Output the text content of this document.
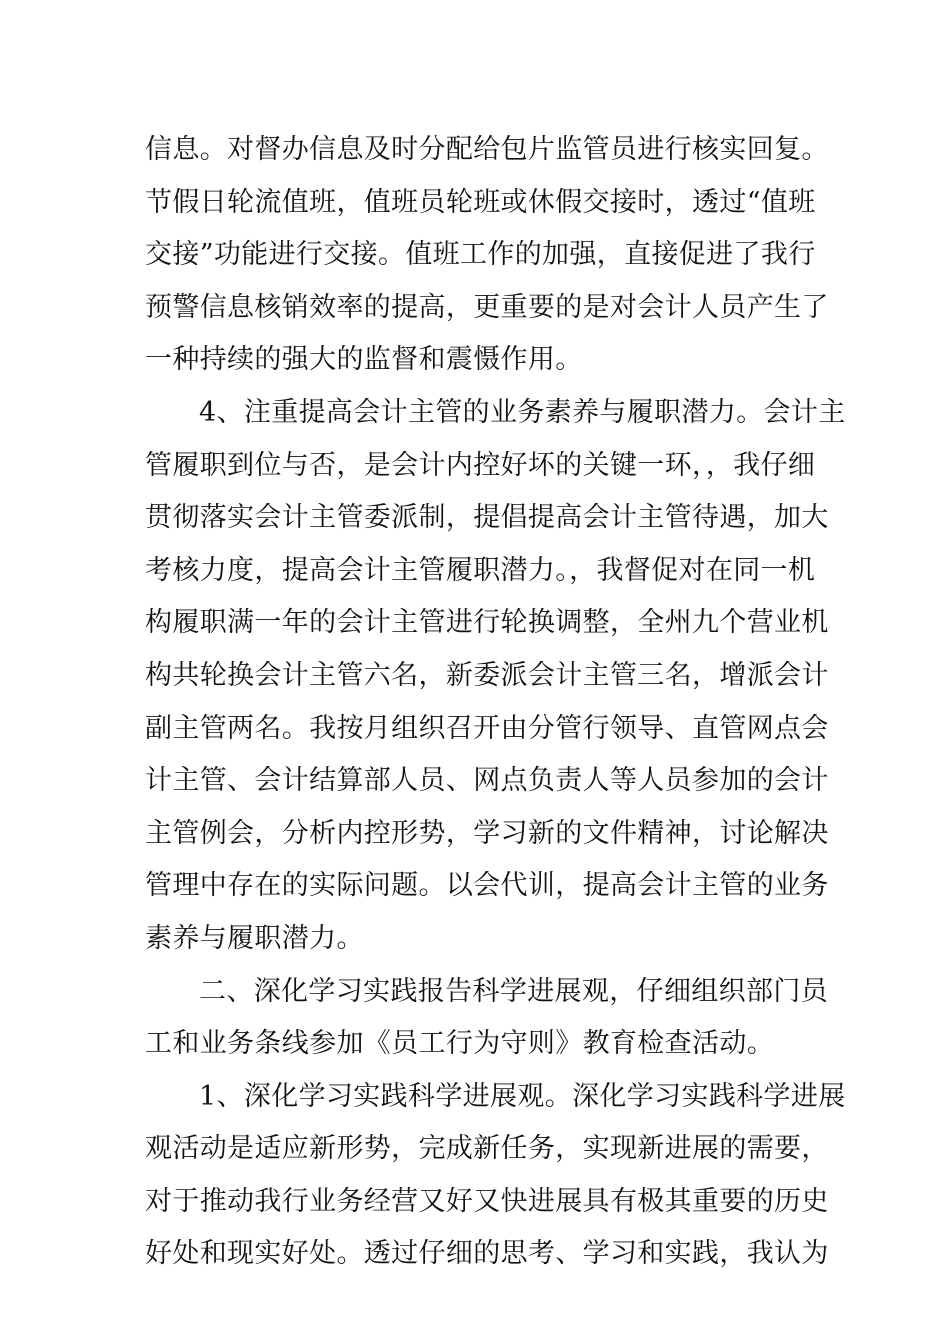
信息。对督办信息及时分配给包片监管员进行核实回复。
节假日轮流值班，值班员轮班或休假交接时，透过“值班
交接”功能进行交接。值班工作的加强，直接促进了我行
预警信息核销效率的提高，更重要的是对会计人员产生了
一种持续的强大的监督和震慑作用。
4、注重提高会计主管的业务素养与履职潜力。会计主
管履职到位与否，是会计内控好坏的关键一环，，我仔细
贯彻落实会计主管委派制，提倡提高会计主管待遇，加大
考核力度，提高会计主管履职潜力。，我督促对在同一机
构履职满一年的会计主管进行轮换调整，全州九个营业机
构共轮换会计主管六名，新委派会计主管三名，增派会计
副主管两名。我按月组织召开由分管行领导、直管网点会
计主管、会计结算部人员、网点负责人等人员参加的会计
主管例会，分析内控形势，学习新的文件精神，讨论解决
管理中存在的实际问题。以会代训，提高会计主管的业务
素养与履职潜力。
二、深化学习实践报告科学进展观，仔细组织部门员
工和业务条线参加《员工行为守则》教育检查活动。
1、深化学习实践科学进展观。深化学习实践科学进展
观活动是适应新形势，完成新任务，实现新进展的需要，
对于推动我行业务经营又好又快进展具有极其重要的历史
好处和现实好处。透过仔细的思考、学习和实践，我认为
